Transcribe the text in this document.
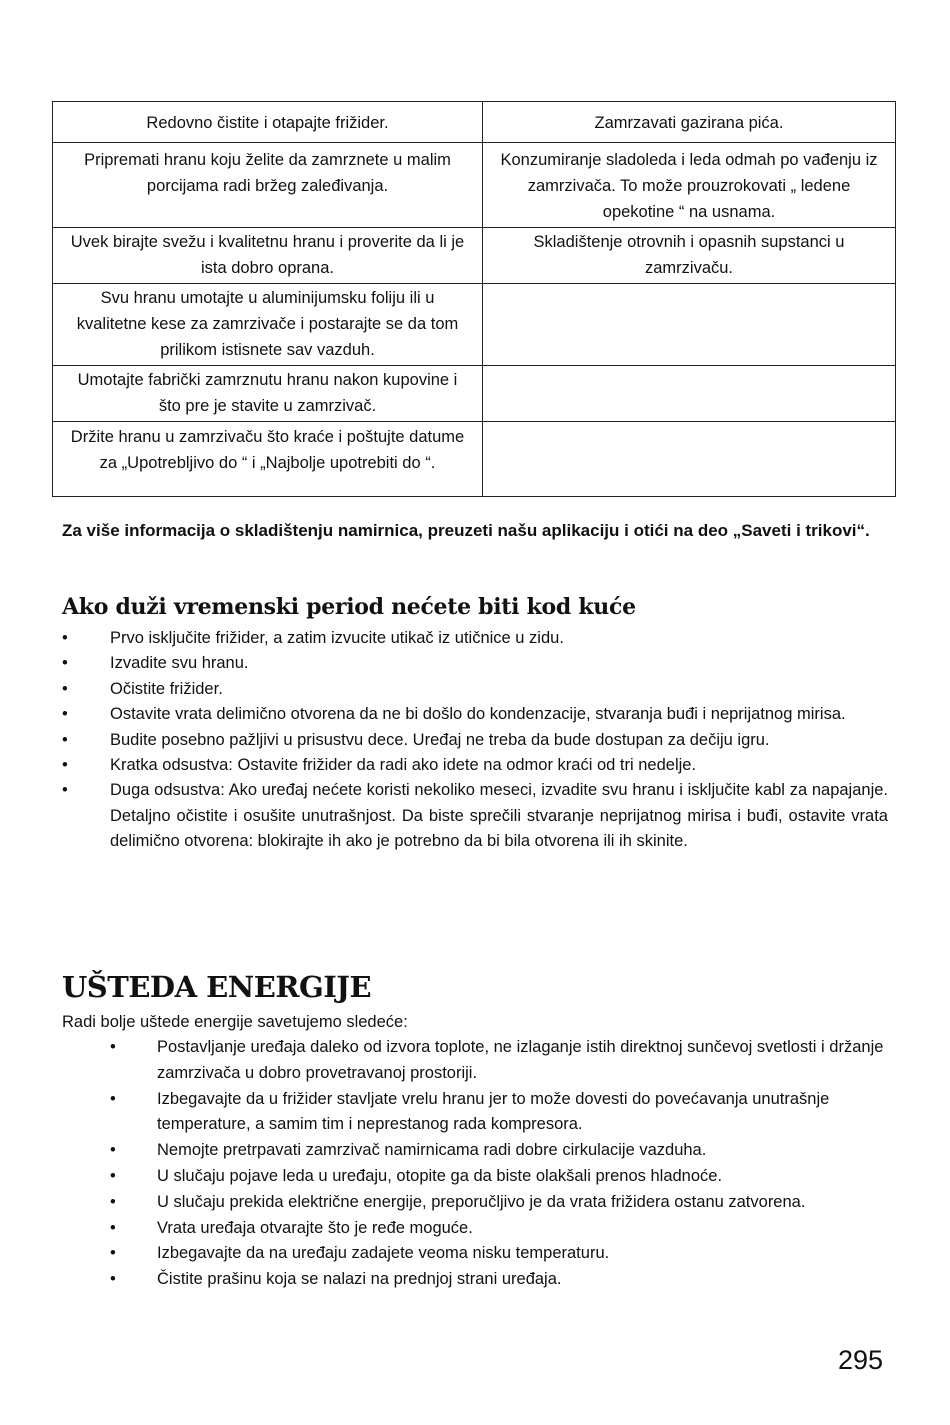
Redovno čistite i otapajte frižider.	Zamrzavati gazirana pića.
Pripremati hranu koju želite da zamrznete u malim porcijama radi bržeg zaleđivanja.	Konzumiranje sladoleda i leda odmah po vađenju iz zamrzivača. To može prouzrokovati „ ledene opekotine “ na usnama.
Uvek birajte svežu i kvalitetnu hranu i proverite da li je ista dobro oprana.	Skladištenje otrovnih i opasnih supstanci u zamrzivaču.
Svu hranu umotajte u aluminijumsku foliju ili u kvalitetne kese za zamrzivače i postarajte se da tom prilikom istisnete sav vazduh.	
Umotajte fabrički zamrznutu hranu nakon kupovine i što pre je stavite u zamrzivač.	
Držite hranu u zamrzivaču što kraće i poštujte datume za „Upotrebljivo do “ i „Najbolje upotrebiti do “.	
Za više informacija o skladištenju namirnica, preuzeti našu aplikaciju i otići na deo „Saveti i trikovi“.
Ako duži vremenski period nećete biti kod kuće
•	Prvo isključite frižider, a zatim izvucite utikač iz utičnice u zidu.
•	Izvadite svu hranu.
•	Očistite frižider.
•	Ostavite vrata delimično otvorena da ne bi došlo do kondenzacije, stvaranja buđi i neprijatnog mirisa.
•	Budite posebno pažljivi u prisustvu dece. Uređaj ne treba da bude dostupan za dečiju igru.
•	Kratka odsustva: Ostavite frižider da radi ako idete na odmor kraći od tri nedelje.
•	Duga odsustva: Ako uređaj nećete koristi nekoliko meseci, izvadite svu hranu i isključite kabl za napajanje. Detaljno očistite i osušite unutrašnjost. Da biste sprečili stvaranje neprijatnog mirisa i buđi, ostavite vrata delimično otvorena: blokirajte ih ako je potrebno da bi bila otvorena ili ih skinite.
UŠTEDA ENERGIJE
Radi bolje uštede energije savetujemo sledeće:
• Postavljanje uređaja daleko od izvora toplote, ne izlaganje istih direktnoj sunčevoj svetlosti i držanje zamrzivača u dobro provetravanoj prostoriji.
• Izbegavajte da u frižider stavljate vrelu hranu jer to može dovesti do povećavanja unutrašnje temperature, a samim tim i neprestanog rada kompresora.
• Nemojte pretrpavati zamrzivač namirnicama radi dobre cirkulacije vazduha.
• U slučaju pojave leda u uređaju, otopite ga da biste olakšali prenos hladnoće.
• U slučaju prekida električne energije, preporučljivo je da vrata frižidera ostanu zatvorena.
• Vrata uređaja otvarajte što je ređe moguće.
• Izbegavajte da na uređaju zadajete veoma nisku temperaturu.
• Čistite prašinu koja se nalazi na prednjoj strani uređaja.
295
